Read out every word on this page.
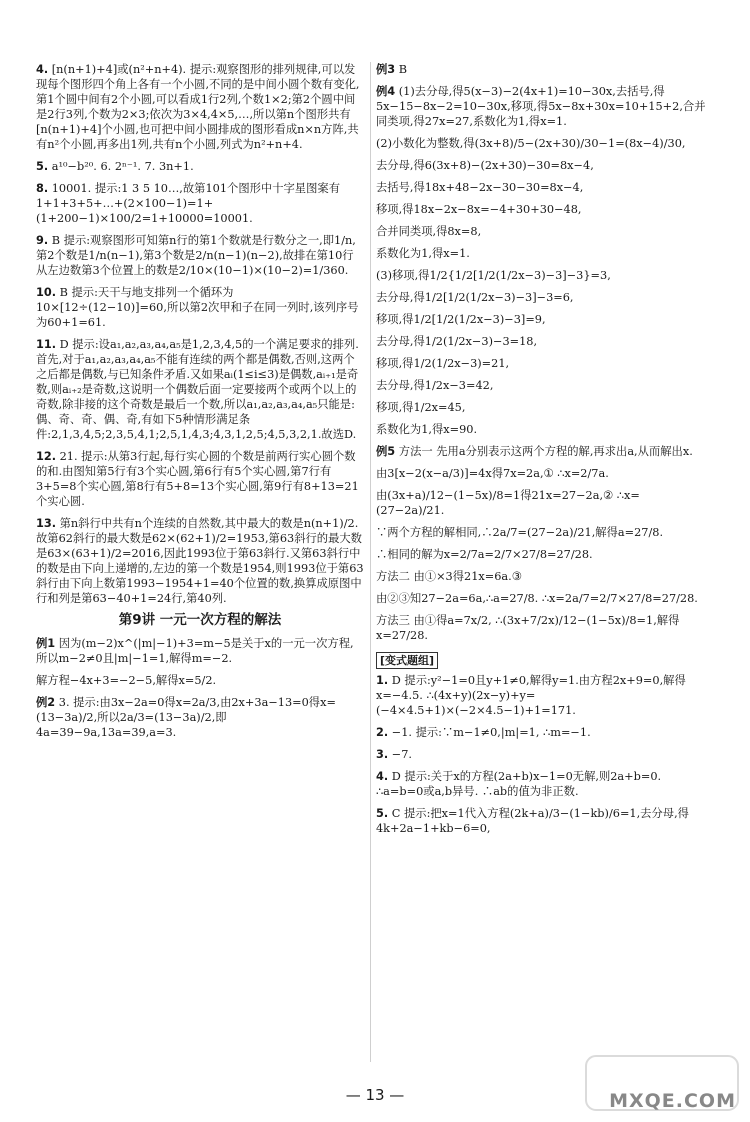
4. [n(n+1)+4]或(n²+n+4). 提示:观察图形的排列规律,可以发现每个图形四个角上各有一个小圆,不同的是中间小圆个数有变化,第1个圆中间有2个小圆,可以看成1行2列,个数1×2;第2个圆中间是2行3列,个数为2×3;依次为3×4,4×5,…,所以第n个图形共有[n(n+1)+4]个小圆,也可把中间小圆排成的图形看成n×n方阵,共有n²个小圆,再多出1列,共有n个小圆,列式为n²+n+4.

5. a¹⁰−b²⁰. 6. 2ⁿ⁻¹. 7. 3n+1.

8. 10001. 提示:1 3 5 10…,故第101个图形中十字星图案有1+1+3+5+…+(2×100−1)=1+(1+200−1)×100/2=1+10000=10001.

9. B 提示:观察图形可知第n行的第1个数就是行数分之一,即1/n,第2个数是1/n(n−1),第3个数是2/n(n−1)(n−2),故排在第10行从左边数第3个位置上的数是2/10×(10−1)×(10−2)=1/360.

10. B 提示:天干与地支排列一个循环为10×[12÷(12−10)]=60,所以第2次甲和子在同一列时,该列序号为60+1=61.

11. D 提示:设a₁,a₂,a₃,a₄,a₅是1,2,3,4,5的一个满足要求的排列.首先,对于a₁,a₂,a₃,a₄,a₅不能有连续的两个都是偶数,否则,这两个之后都是偶数,与已知条件矛盾.又如果aᵢ(1≤i≤3)是偶数,aᵢ₊₁是奇数,则aᵢ₊₂是奇数,这说明一个偶数后面一定要接两个或两个以上的奇数,除非接的这个奇数是最后一个数,所以a₁,a₂,a₃,a₄,a₅只能是:偶、奇、奇、偶、奇,有如下5种情形满足条件:2,1,3,4,5;2,3,5,4,1;2,5,1,4,3;4,3,1,2,5;4,5,3,2,1.故选D.

12. 21. 提示:从第3行起,每行实心圆的个数是前两行实心圆个数的和.由图知第5行有3个实心圆,第6行有5个实心圆,第7行有3+5=8个实心圆,第8行有5+8=13个实心圆,第9行有8+13=21个实心圆.

13. 第n斜行中共有n个连续的自然数,其中最大的数是n(n+1)/2.故第62斜行的最大数是62×(62+1)/2=1953,第63斜行的最大数是63×(63+1)/2=2016,因此1993位于第63斜行.又第63斜行中的数是由下向上递增的,左边的第一个数是1954,则1993位于第63斜行由下向上数第1993−1954+1=40个位置的数,换算成原图中行和列是第63−40+1=24行,第40列.

第9讲 一元一次方程的解法

例1 因为(m−2)x^(|m|−1)+3=m−5是关于x的一元一次方程,所以m−2≠0且|m|−1=1,解得m=−2.

解方程−4x+3=−2−5,解得x=5/2.

例2 3. 提示:由3x−2a=0得x=2a/3,由2x+3a−13=0得x=(13−3a)/2,所以2a/3=(13−3a)/2,即4a=39−9a,13a=39,a=3.

例3 B

例4 (1)去分母,得5(x−3)−2(4x+1)=10−30x,去括号,得5x−15−8x−2=10−30x,移项,得5x−8x+30x=10+15+2,合并同类项,得27x=27,系数化为1,得x=1.

(2)小数化为整数,得(3x+8)/5−(2x+30)/30−1=(8x−4)/30,

去分母,得6(3x+8)−(2x+30)−30=8x−4,

去括号,得18x+48−2x−30−30=8x−4,

移项,得18x−2x−8x=−4+30+30−48,

合并同类项,得8x=8,

系数化为1,得x=1.

(3)移项,得1/2{1/2[1/2(1/2x−3)−3]−3}=3,

去分母,得1/2[1/2(1/2x−3)−3]−3=6,

移项,得1/2[1/2(1/2x−3)−3]=9,

去分母,得1/2(1/2x−3)−3=18,

移项,得1/2(1/2x−3)=21,

去分母,得1/2x−3=42,

移项,得1/2x=45,

系数化为1,得x=90.

例5 方法一 先用a分别表示这两个方程的解,再求出a,从而解出x.

由3[x−2(x−a/3)]=4x得7x=2a,① ∴x=2/7a.

由(3x+a)/12−(1−5x)/8=1得21x=27−2a,② ∴x=(27−2a)/21.

∵两个方程的解相同,∴2a/7=(27−2a)/21,解得a=27/8.

∴相同的解为x=2/7a=2/7×27/8=27/28.

方法二 由①×3得21x=6a.③

由②③知27−2a=6a,∴a=27/8. ∴x=2a/7=2/7×27/8=27/28.

方法三 由①得a=7x/2, ∴(3x+7/2x)/12−(1−5x)/8=1,解得x=27/28.

[变式题组]

1. D 提示:y²−1=0且y+1≠0,解得y=1.由方程2x+9=0,解得x=−4.5. ∴(4x+y)(2x−y)+y=(−4×4.5+1)×(−2×4.5−1)+1=171.

2. −1. 提示:∵m−1≠0,|m|=1, ∴m=−1.

3. −7.

4. D 提示:关于x的方程(2a+b)x−1=0无解,则2a+b=0. ∴a=b=0或a,b异号. ∴ab的值为非正数.

5. C 提示:把x=1代入方程(2k+a)/3−(1−kb)/6=1,去分母,得4k+2a−1+kb−6=0,

— 13 —	MXQE.COM
